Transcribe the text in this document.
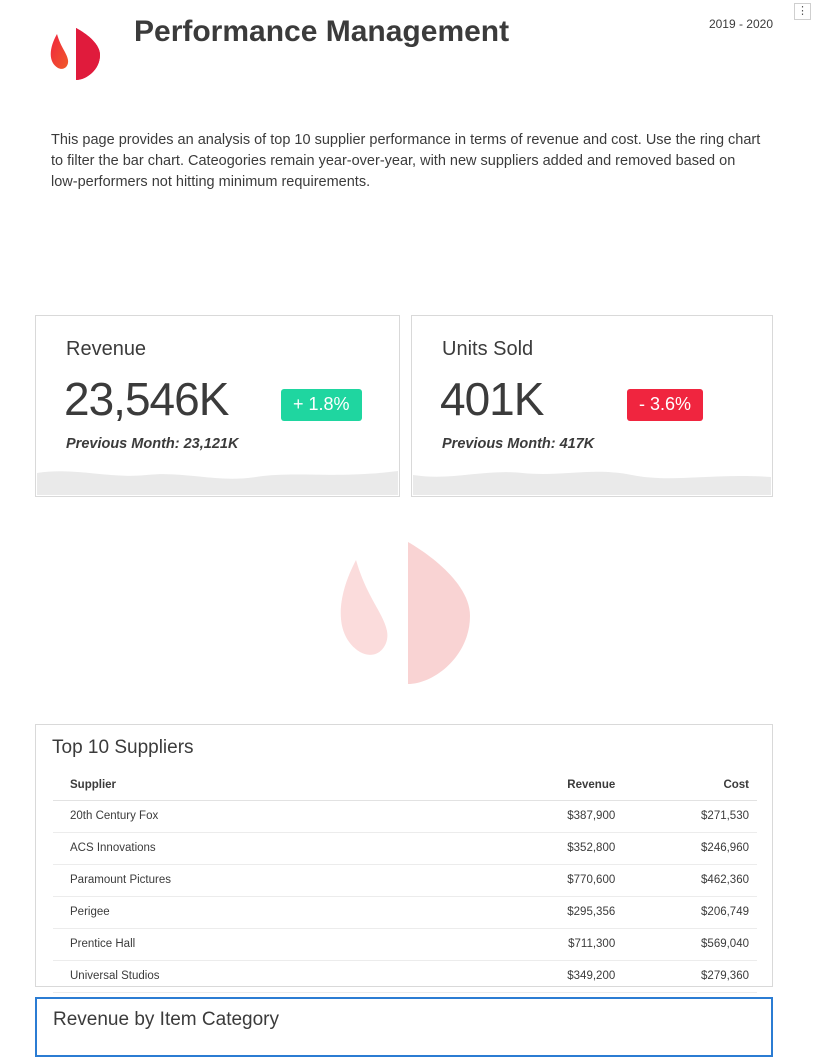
Performance Management	2019 - 2020
This page provides an analysis of top 10 supplier performance in terms of revenue and cost. Use the ring chart to filter the bar chart. Cateogories remain year-over-year, with new suppliers added and removed based on low-performers not hitting minimum requirements.
Revenue
23,546K	+ 1.8%
Previous Month: 23,121K
Units Sold
401K	- 3.6%
Previous Month: 417K
Top 10 Suppliers
Supplier	Revenue	Cost
20th Century Fox	$387,900	$271,530
ACS Innovations	$352,800	$246,960
Paramount Pictures	$770,600	$462,360
Perigee	$295,356	$206,749
Prentice Hall	$711,300	$569,040
Universal Studios	$349,200	$279,360
Revenue by Item Category
⋮
